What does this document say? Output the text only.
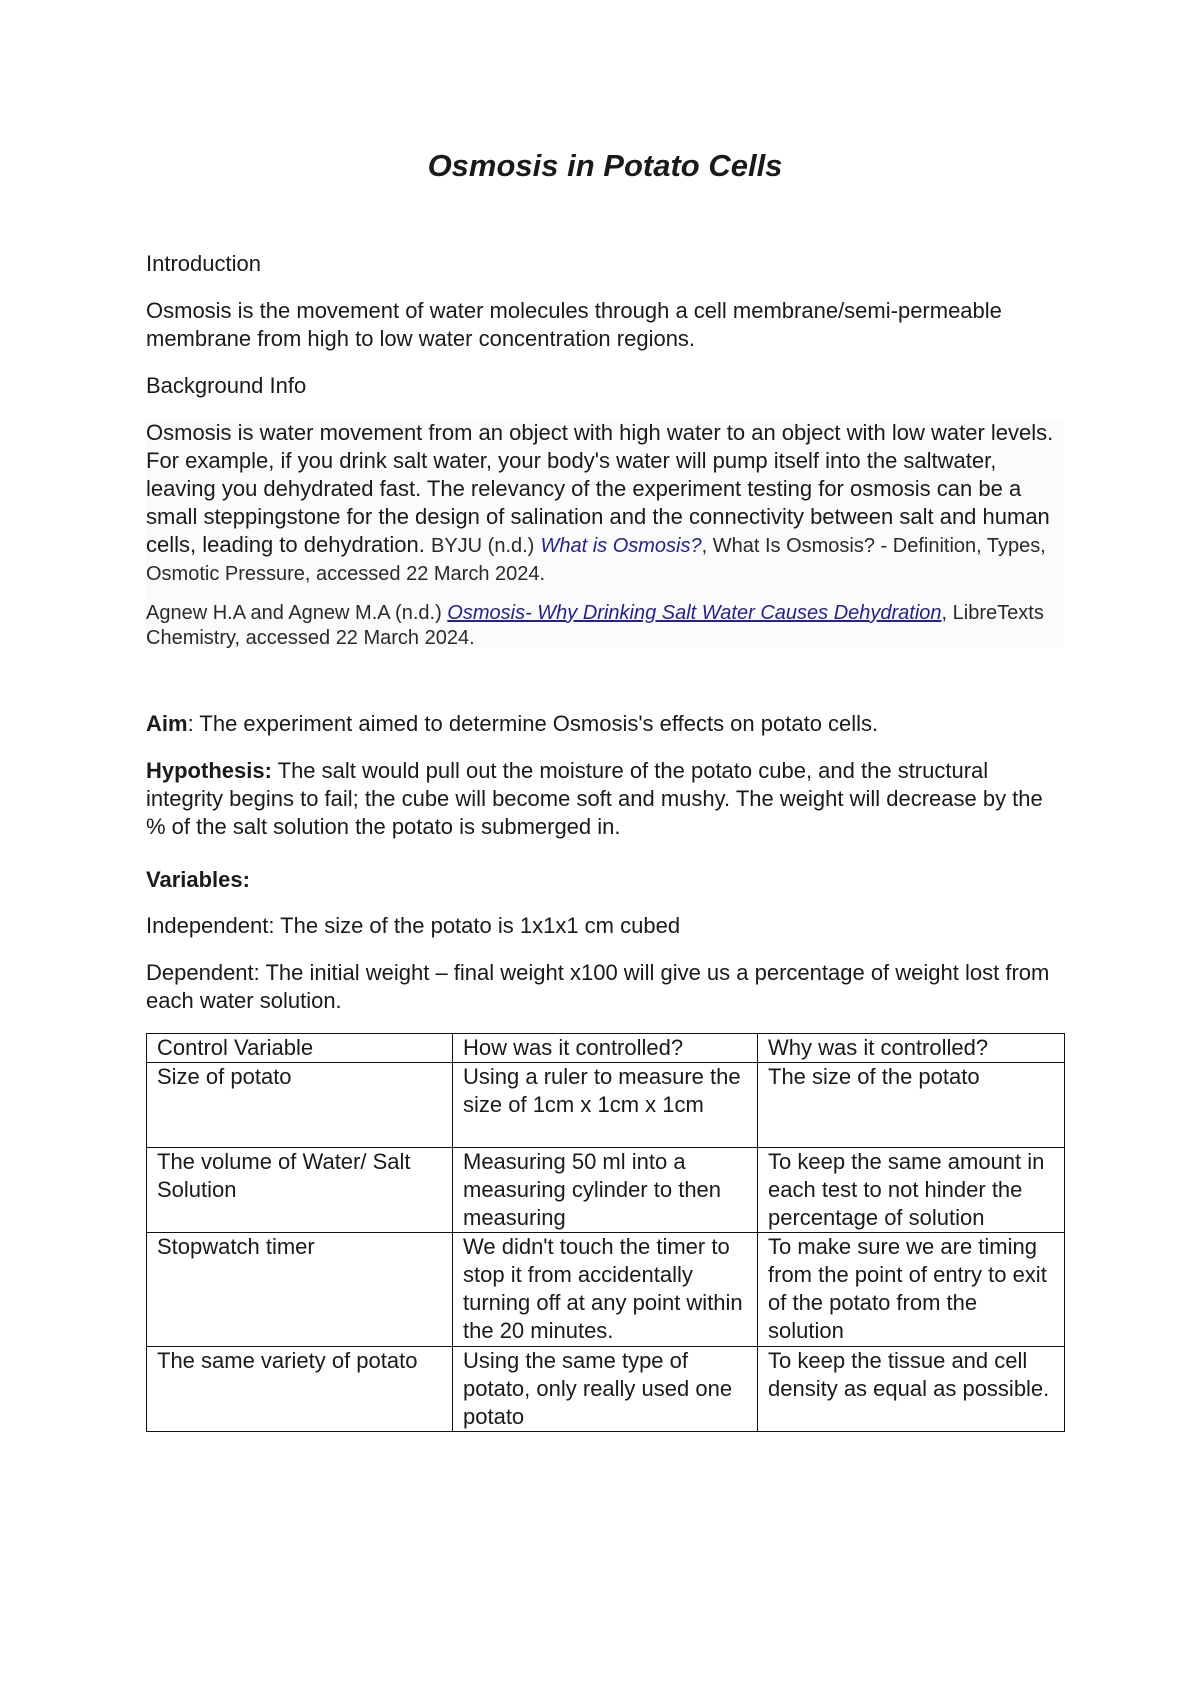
Osmosis in Potato Cells

Introduction

Osmosis is the movement of water molecules through a cell membrane/semi-permeable membrane from high to low water concentration regions.

Background Info

Osmosis is water movement from an object with high water to an object with low water levels. For example, if you drink salt water, your body's water will pump itself into the saltwater, leaving you dehydrated fast. The relevancy of the experiment testing for osmosis can be a small steppingstone for the design of salination and the connectivity between salt and human cells, leading to dehydration. BYJU (n.d.) What is Osmosis?, What Is Osmosis? - Definition, Types, Osmotic Pressure, accessed 22 March 2024.

Agnew H.A and Agnew M.A (n.d.) Osmosis- Why Drinking Salt Water Causes Dehydration, LibreTexts Chemistry, accessed 22 March 2024.

Aim: The experiment aimed to determine Osmosis's effects on potato cells.

Hypothesis: The salt would pull out the moisture of the potato cube, and the structural integrity begins to fail; the cube will become soft and mushy. The weight will decrease by the % of the salt solution the potato is submerged in.

Variables:

Independent: The size of the potato is 1x1x1 cm cubed

Dependent: The initial weight – final weight x100 will give us a percentage of weight lost from each water solution.

Control Variable	How was it controlled?	Why was it controlled?
Size of potato	Using a ruler to measure the size of 1cm x 1cm x 1cm	The size of the potato
The volume of Water/ Salt Solution	Measuring 50 ml into a measuring cylinder to then measuring	To keep the same amount in each test to not hinder the percentage of solution
Stopwatch timer	We didn't touch the timer to stop it from accidentally turning off at any point within the 20 minutes.	To make sure we are timing from the point of entry to exit of the potato from the solution
The same variety of potato	Using the same type of potato, only really used one potato	To keep the tissue and cell density as equal as possible.
